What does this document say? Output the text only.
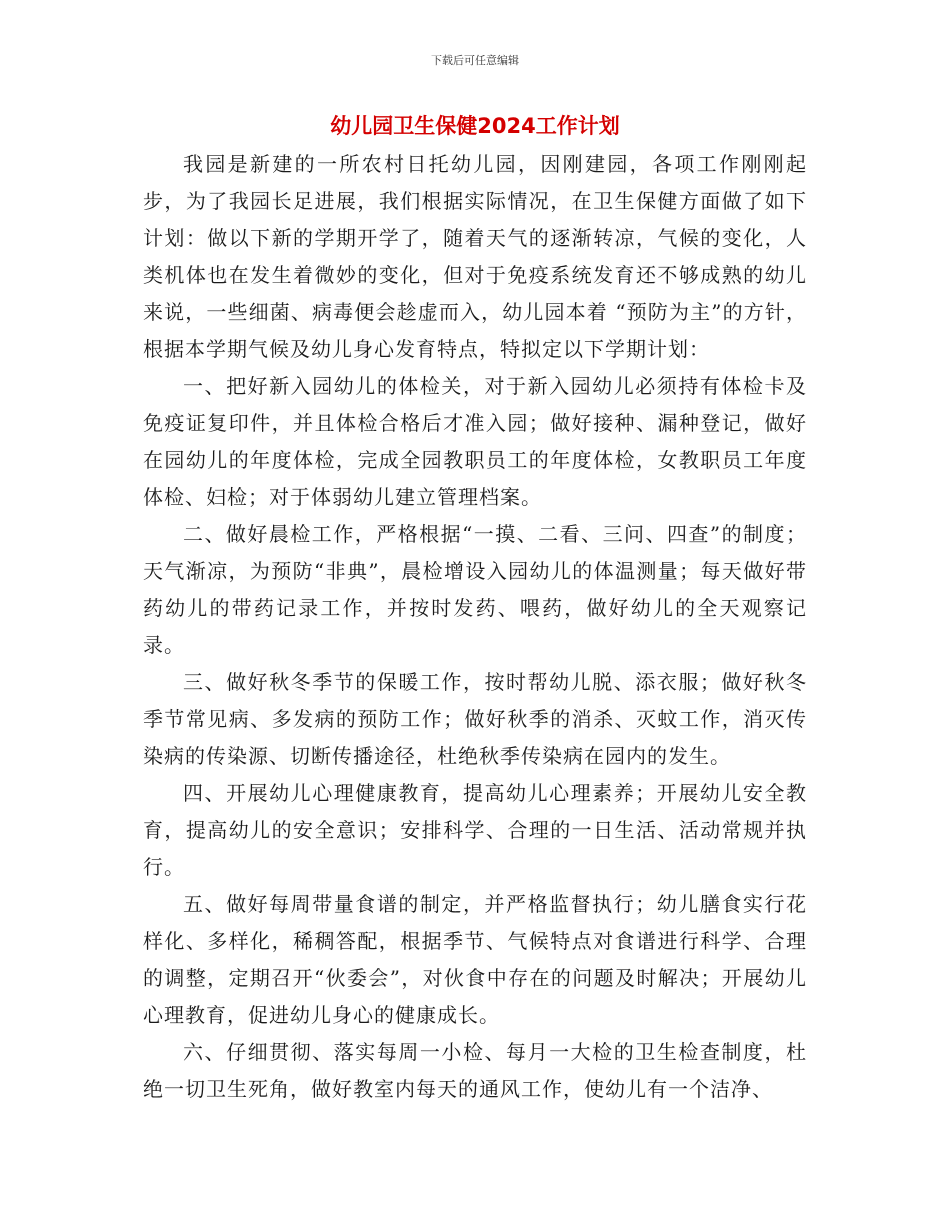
下载后可任意编辑
幼儿园卫生保健2024工作计划

我园是新建的一所农村日托幼儿园，因刚建园，各项工作刚刚起步，为了我园长足进展，我们根据实际情况，在卫生保健方面做了如下计划：做以下新的学期开学了，随着天气的逐渐转凉，气候的变化，人类机体也在发生着微妙的变化，但对于免疫系统发育还不够成熟的幼儿来说，一些细菌、病毒便会趁虚而入，幼儿园本着 “预防为主”的方针，根据本学期气候及幼儿身心发育特点，特拟定以下学期计划：

一、把好新入园幼儿的体检关，对于新入园幼儿必须持有体检卡及免疫证复印件，并且体检合格后才准入园；做好接种、漏种登记，做好在园幼儿的年度体检，完成全园教职员工的年度体检，女教职员工年度体检、妇检；对于体弱幼儿建立管理档案。

二、做好晨检工作，严格根据“一摸、二看、三问、四查”的制度；天气渐凉，为预防“非典”，晨检增设入园幼儿的体温测量；每天做好带药幼儿的带药记录工作，并按时发药、喂药，做好幼儿的全天观察记录。

三、做好秋冬季节的保暖工作，按时帮幼儿脱、添衣服；做好秋冬季节常见病、多发病的预防工作；做好秋季的消杀、灭蚊工作，消灭传染病的传染源、切断传播途径，杜绝秋季传染病在园内的发生。

四、开展幼儿心理健康教育，提高幼儿心理素养；开展幼儿安全教育，提高幼儿的安全意识；安排科学、合理的一日生活、活动常规并执行。

五、做好每周带量食谱的制定，并严格监督执行；幼儿膳食实行花样化、多样化，稀稠答配，根据季节、气候特点对食谱进行科学、合理的调整，定期召开“伙委会”，对伙食中存在的问题及时解决；开展幼儿心理教育，促进幼儿身心的健康成长。

六、仔细贯彻、落实每周一小检、每月一大检的卫生检查制度，杜绝一切卫生死角，做好教室内每天的通风工作，使幼儿有一个洁净、
